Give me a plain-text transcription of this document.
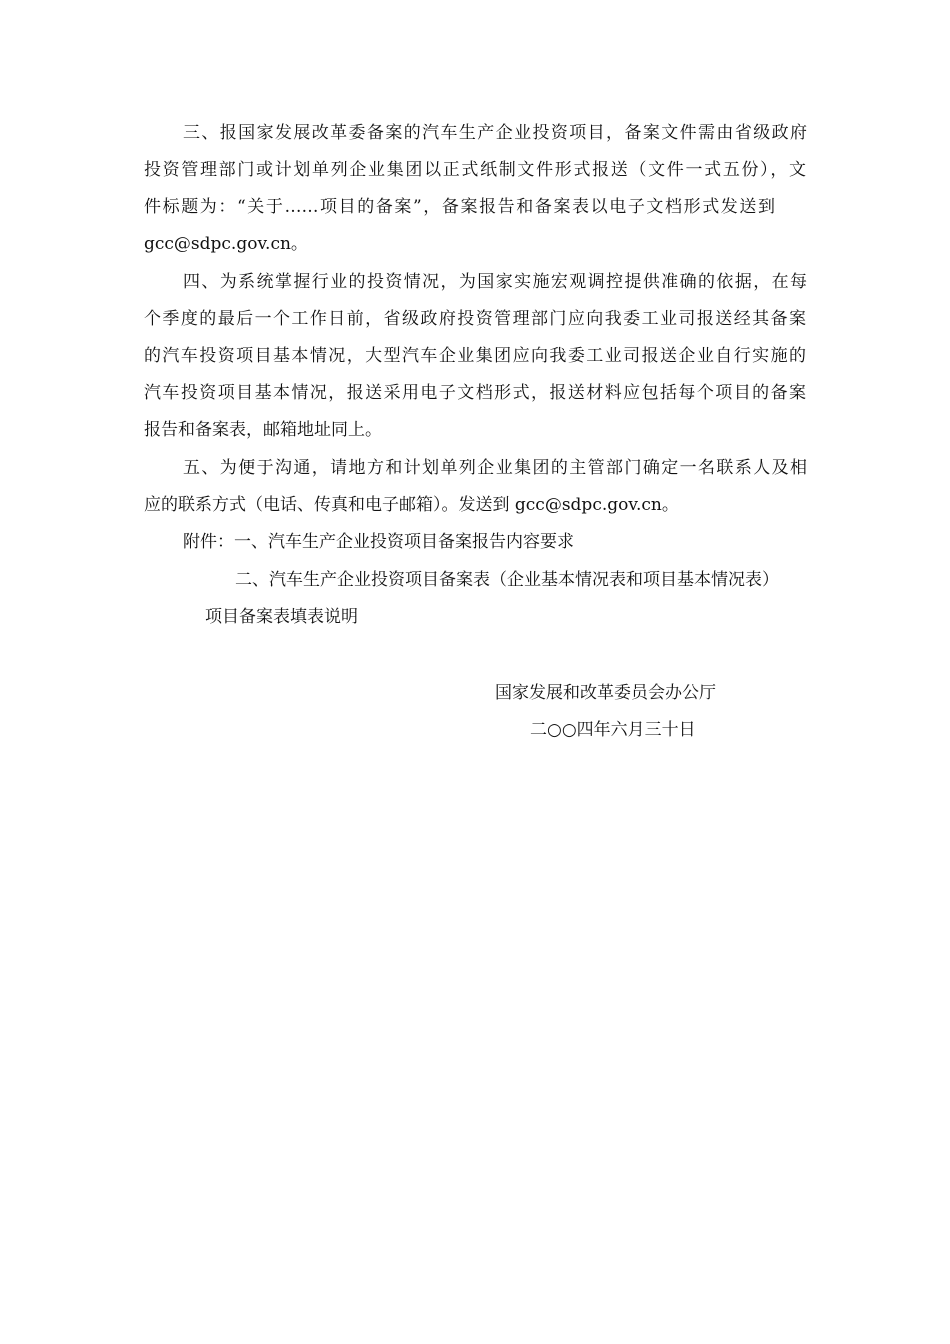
三、报国家发展改革委备案的汽车生产企业投资项目，备案文件需由省级政府
投资管理部门或计划单列企业集团以正式纸制文件形式报送（文件一式五份），文
件标题为：“关于……项目的备案”，备案报告和备案表以电子文档形式发送到
gcc@sdpc.gov.cn。
四、为系统掌握行业的投资情况，为国家实施宏观调控提供准确的依据，在每
个季度的最后一个工作日前，省级政府投资管理部门应向我委工业司报送经其备案
的汽车投资项目基本情况，大型汽车企业集团应向我委工业司报送企业自行实施的
汽车投资项目基本情况，报送采用电子文档形式，报送材料应包括每个项目的备案
报告和备案表，邮箱地址同上。
五、为便于沟通，请地方和计划单列企业集团的主管部门确定一名联系人及相
应的联系方式（电话、传真和电子邮箱）。发送到 gcc@sdpc.gov.cn。
附件：一、汽车生产企业投资项目备案报告内容要求
二、汽车生产企业投资项目备案表（企业基本情况表和项目基本情况表）
项目备案表填表说明
国家发展和改革委员会办公厅
二○○四年六月三十日
